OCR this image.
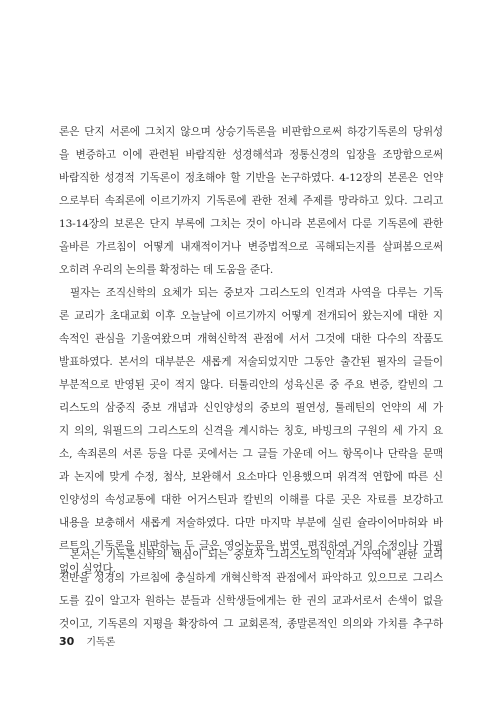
론은 단지 서론에 그치지 않으며 상승기독론을 비판함으로써 하강기독론의 당위성
을 변증하고 이에 관련된 바람직한 성경해석과 정통신경의 입장을 조망함으로써
바람직한 성경적 기독론이 정초해야 할 기반을 논구하였다. 4-12장의 본론은 언약
으로부터 속죄론에 이르기까지 기독론에 관한 전체 주제를 망라하고 있다. 그리고
13-14장의 보론은 단지 부록에 그치는 것이 아니라 본론에서 다룬 기독론에 관한
올바른 가르침이 어떻게 내재적이거나 변증법적으로 곡해되는지를 살펴봄으로써
오히려 우리의 논의를 확정하는 데 도움을 준다.
필자는 조직신학의 요체가 되는 중보자 그리스도의 인격과 사역을 다루는 기독
론 교리가 초대교회 이후 오늘날에 이르기까지 어떻게 전개되어 왔는지에 대한 지
속적인 관심을 기울여왔으며 개혁신학적 관점에 서서 그것에 대한 다수의 작품도
발표하였다. 본서의 대부분은 새롭게 저술되었지만 그동안 출간된 필자의 글들이
부분적으로 반영된 곳이 적지 않다. 터툴리안의 성육신론 중 주요 변증, 칼빈의 그
리스도의 삼중직 중보 개념과 신인양성의 중보의 필연성, 툴레틴의 언약의 세 가
지 의의, 워필드의 그리스도의 신격을 계시하는 칭호, 바빙크의 구원의 세 가지 요
소, 속죄론의 서론 등을 다룬 곳에서는 그 글들 가운데 어느 항목이나 단락을 문맥
과 논지에 맞게 수정, 첨삭, 보완해서 요소마다 인용했으며 위격적 연합에 따른 신
인양성의 속성교통에 대한 어거스틴과 칼빈의 이해를 다룬 곳은 자료를 보강하고
내용을 보충해서 새롭게 저술하였다. 다만 마지막 부분에 실린 슐라이어마허와 바
르트의 기독론을 비판하는 두 글은 영어논문을 번역, 편집하여 거의 수정이나 가필
없이 실었다.
본서는 기독론신학의 핵심이 되는 중보자 그리스도의 인격과 사역에 관한 교리
전반을 성경의 가르침에 충실하게 개혁신학적 관점에서 파악하고 있으므로 그리스
도를 깊이 알고자 원하는 분들과 신학생들에게는 한 권의 교과서로서 손색이 없을
것이고, 기독론의 지평을 확장하여 그 교회론적, 종말론적인 의의와 가치를 추구하
30 기독론
